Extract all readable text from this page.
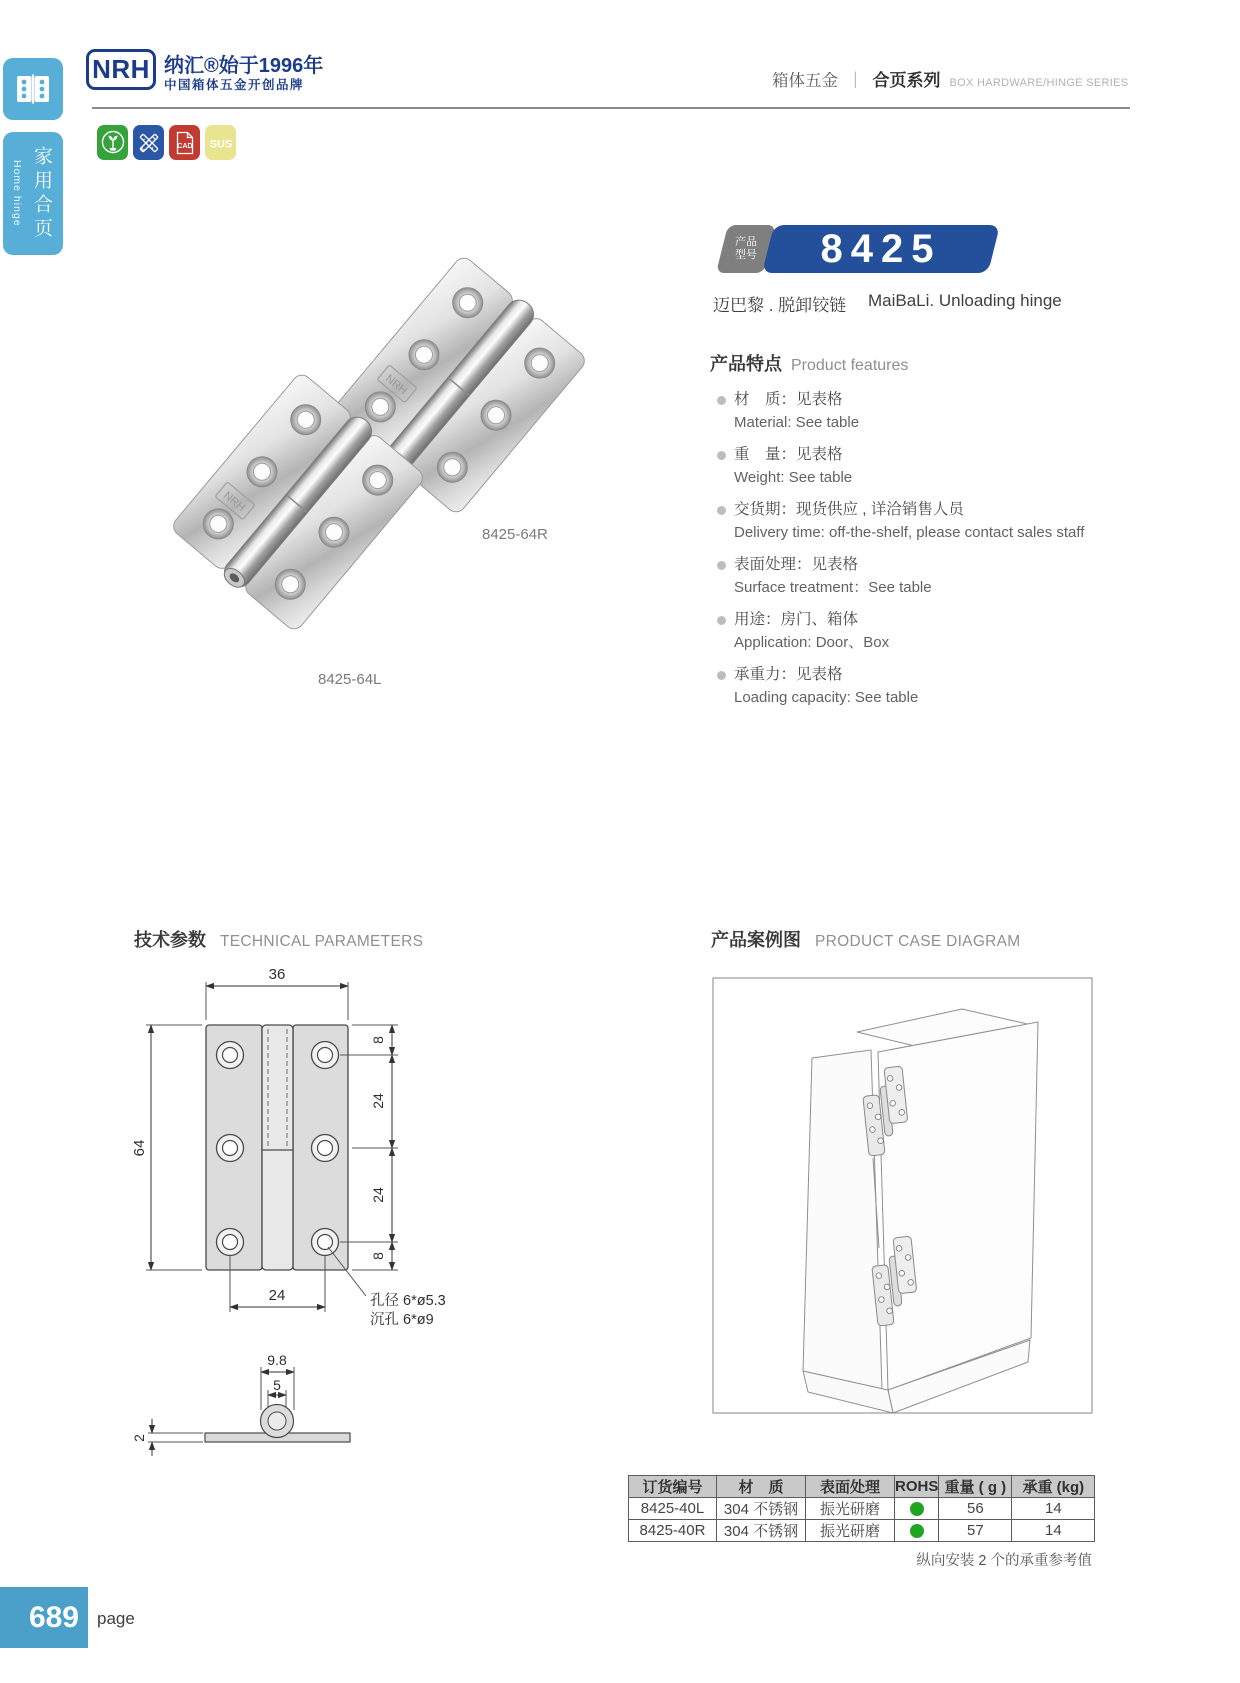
NRH 纳汇®始于1996年
中国箱体五金开创品牌	箱体五金 ｜ 合页系列 BOX HARDWARE/HINGE SERIES
CAD SUS
Home hinge 家用合页
689 page
NRH
8425-64R
8425-64L
产品
型号 8425
迈巴黎 . 脱卸铰链 MaiBaLi. Unloading hinge
产品特点 Product features
材　质：见表格
Material: See table
重　量：见表格
Weight: See table
交货期：现货供应 , 详洽销售人员
Delivery time: off-the-shelf, please contact sales staff
表面处理：见表格
Surface treatment：See table
用途：房门、箱体
Application: Door、Box
承重力：见表格
Loading capacity: See table
技术参数 TECHNICAL PARAMETERS	产品案例图 PRODUCT CASE DIAGRAM
36
64
8
24
24
8
24	孔径 6*ø5.3
沉孔 6*ø9
9.8
5
2
订货编号	材　质	表面处理	ROHS	重量 ( g )	承重 (kg)
8425-40L	304 不锈钢	振光研磨		56	14
8425-40R	304 不锈钢	振光研磨		57	14
纵向安装 2 个的承重参考值
